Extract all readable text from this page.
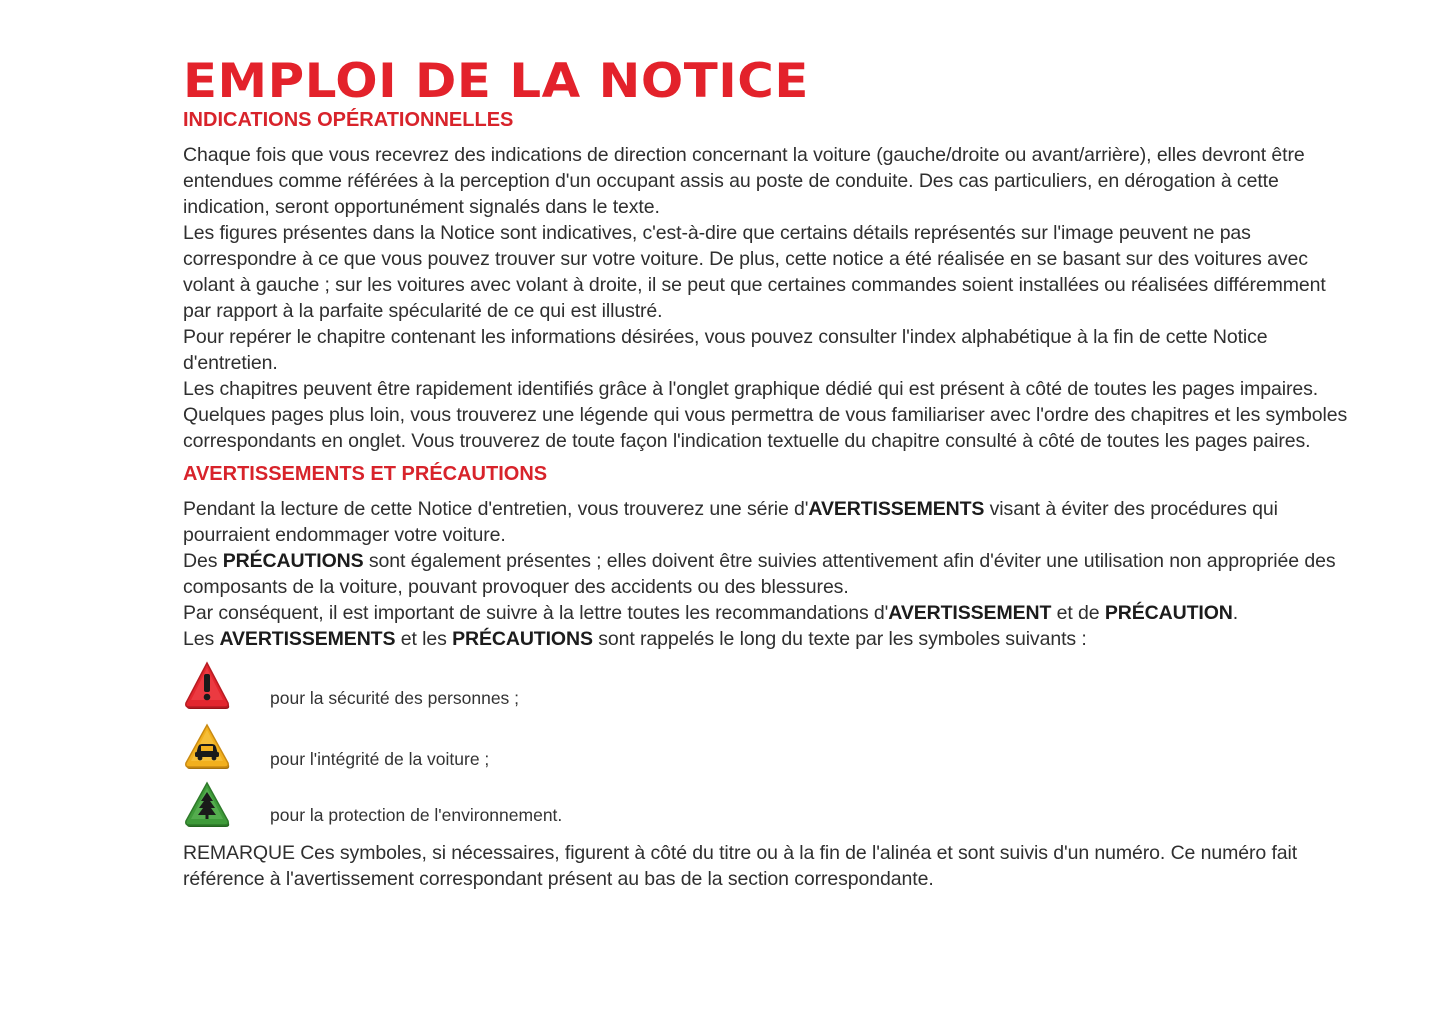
EMPLOI DE LA NOTICE
INDICATIONS OPÉRATIONNELLES

Chaque fois que vous recevrez des indications de direction concernant la voiture (gauche/droite ou avant/arrière), elles devront être entendues comme référées à la perception d'un occupant assis au poste de conduite. Des cas particuliers, en dérogation à cette indication, seront opportunément signalés dans le texte.

Les figures présentes dans la Notice sont indicatives, c'est-à-dire que certains détails représentés sur l'image peuvent ne pas correspondre à ce que vous pouvez trouver sur votre voiture. De plus, cette notice a été réalisée en se basant sur des voitures avec volant à gauche ; sur les voitures avec volant à droite, il se peut que certaines commandes soient installées ou réalisées différemment par rapport à la parfaite spécularité de ce qui est illustré.

Pour repérer le chapitre contenant les informations désirées, vous pouvez consulter l'index alphabétique à la fin de cette Notice d'entretien.

Les chapitres peuvent être rapidement identifiés grâce à l'onglet graphique dédié qui est présent à côté de toutes les pages impaires. Quelques pages plus loin, vous trouverez une légende qui vous permettra de vous familiariser avec l'ordre des chapitres et les symboles correspondants en onglet. Vous trouverez de toute façon l'indication textuelle du chapitre consulté à côté de toutes les pages paires.

AVERTISSEMENTS ET PRÉCAUTIONS

Pendant la lecture de cette Notice d'entretien, vous trouverez une série d'AVERTISSEMENTS visant à éviter des procédures qui pourraient endommager votre voiture.

Des PRÉCAUTIONS sont également présentes ; elles doivent être suivies attentivement afin d'éviter une utilisation non appropriée des composants de la voiture, pouvant provoquer des accidents ou des blessures.

Par conséquent, il est important de suivre à la lettre toutes les recommandations d'AVERTISSEMENT et de PRÉCAUTION.

Les AVERTISSEMENTS et les PRÉCAUTIONS sont rappelés le long du texte par les symboles suivants :

pour la sécurité des personnes ;
pour l'intégrité de la voiture ;
pour la protection de l'environnement.

REMARQUE Ces symboles, si nécessaires, figurent à côté du titre ou à la fin de l'alinéa et sont suivis d'un numéro. Ce numéro fait référence à l'avertissement correspondant présent au bas de la section correspondante.
